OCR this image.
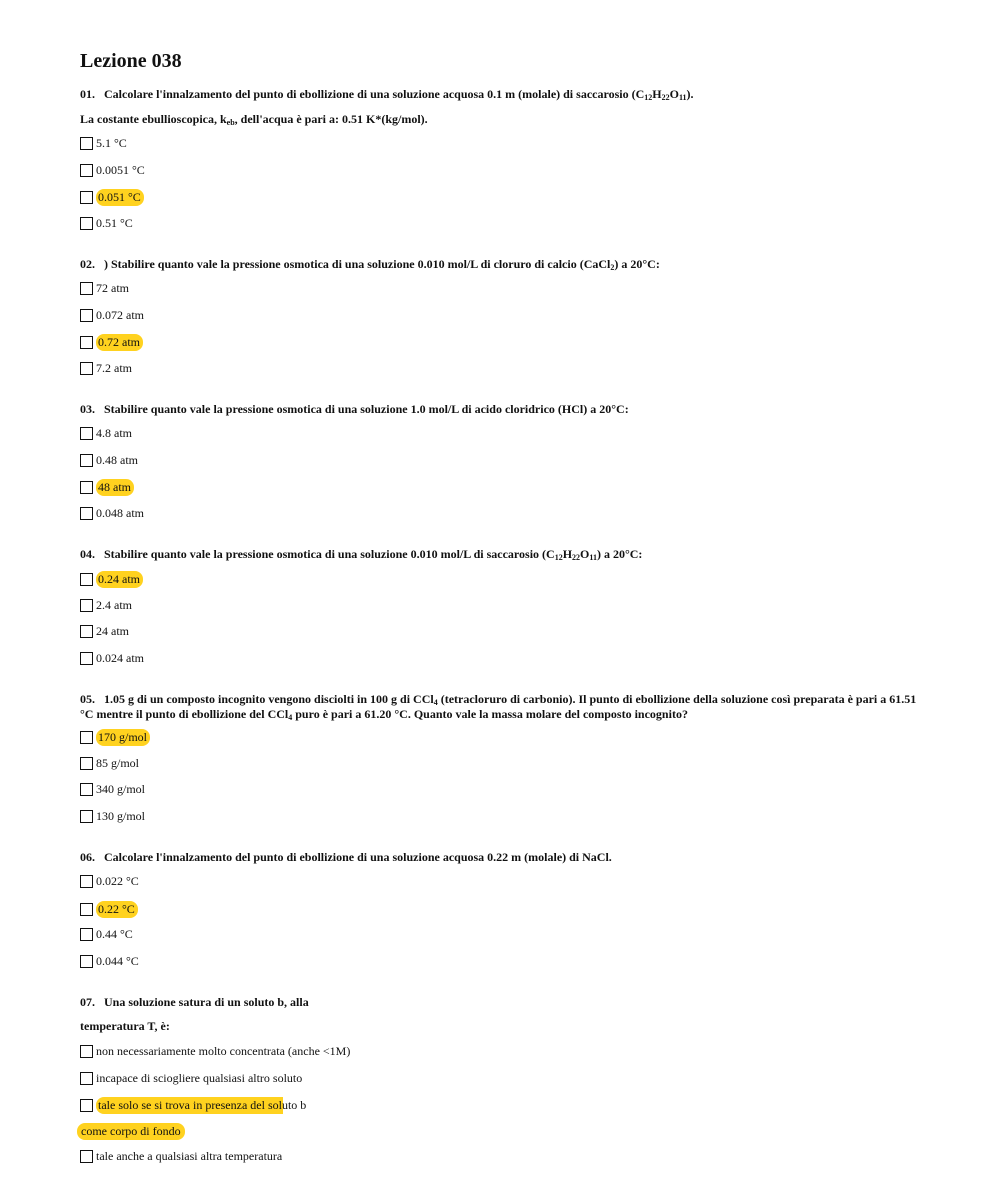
Lezione 038
01. Calcolare l'innalzamento del punto di ebollizione di una soluzione acquosa 0.1 m (molale) di saccarosio $(C_{12}H_{22}O_{11})$.
La costante ebullioscopica, $k_{eb}$, dell'acqua è pari a: 0.51 K*(kg/mol).
5.1 °C
0.0051 °C
0.051 °C
0.51 °C
02. ) Stabilire quanto vale la pressione osmotica di una soluzione 0.010 mol/L di cloruro di calcio (CaCl$_2$) a 20°C:
72 atm
0.072 atm
0.72 atm
7.2 atm
03. Stabilire quanto vale la pressione osmotica di una soluzione 1.0 mol/L di acido cloridrico (HCl) a 20°C:
4.8 atm
0.48 atm
48 atm
0.048 atm
04. Stabilire quanto vale la pressione osmotica di una soluzione 0.010 mol/L di saccarosio $(C_{12}H_{22}O_{11})$ a 20°C:
0.24 atm
2.4 atm
24 atm
0.024 atm
05. 1.05 g di un composto incognito vengono disciolti in 100 g di CCl$_4$ (tetracloruro di carbonio). Il punto di ebollizione della soluzione così preparata è pari a 61.51 °C mentre il punto di ebollizione del CCl$_4$ puro è pari a 61.20 °C. Quanto vale la massa molare del composto incognito?
170 g/mol
85 g/mol
340 g/mol
130 g/mol
06. Calcolare l'innalzamento del punto di ebollizione di una soluzione acquosa 0.22 m (molale) di NaCl.
0.022 °C
0.22 °C
0.44 °C
0.044 °C
07. Una soluzione satura di un soluto b, alla
temperatura T, è:
non necessariamente molto concentrata (anche <1M)
incapace di sciogliere qualsiasi altro soluto
tale solo se si trova in presenza del soluto b
come corpo di fondo
tale anche a qualsiasi altra temperatura
